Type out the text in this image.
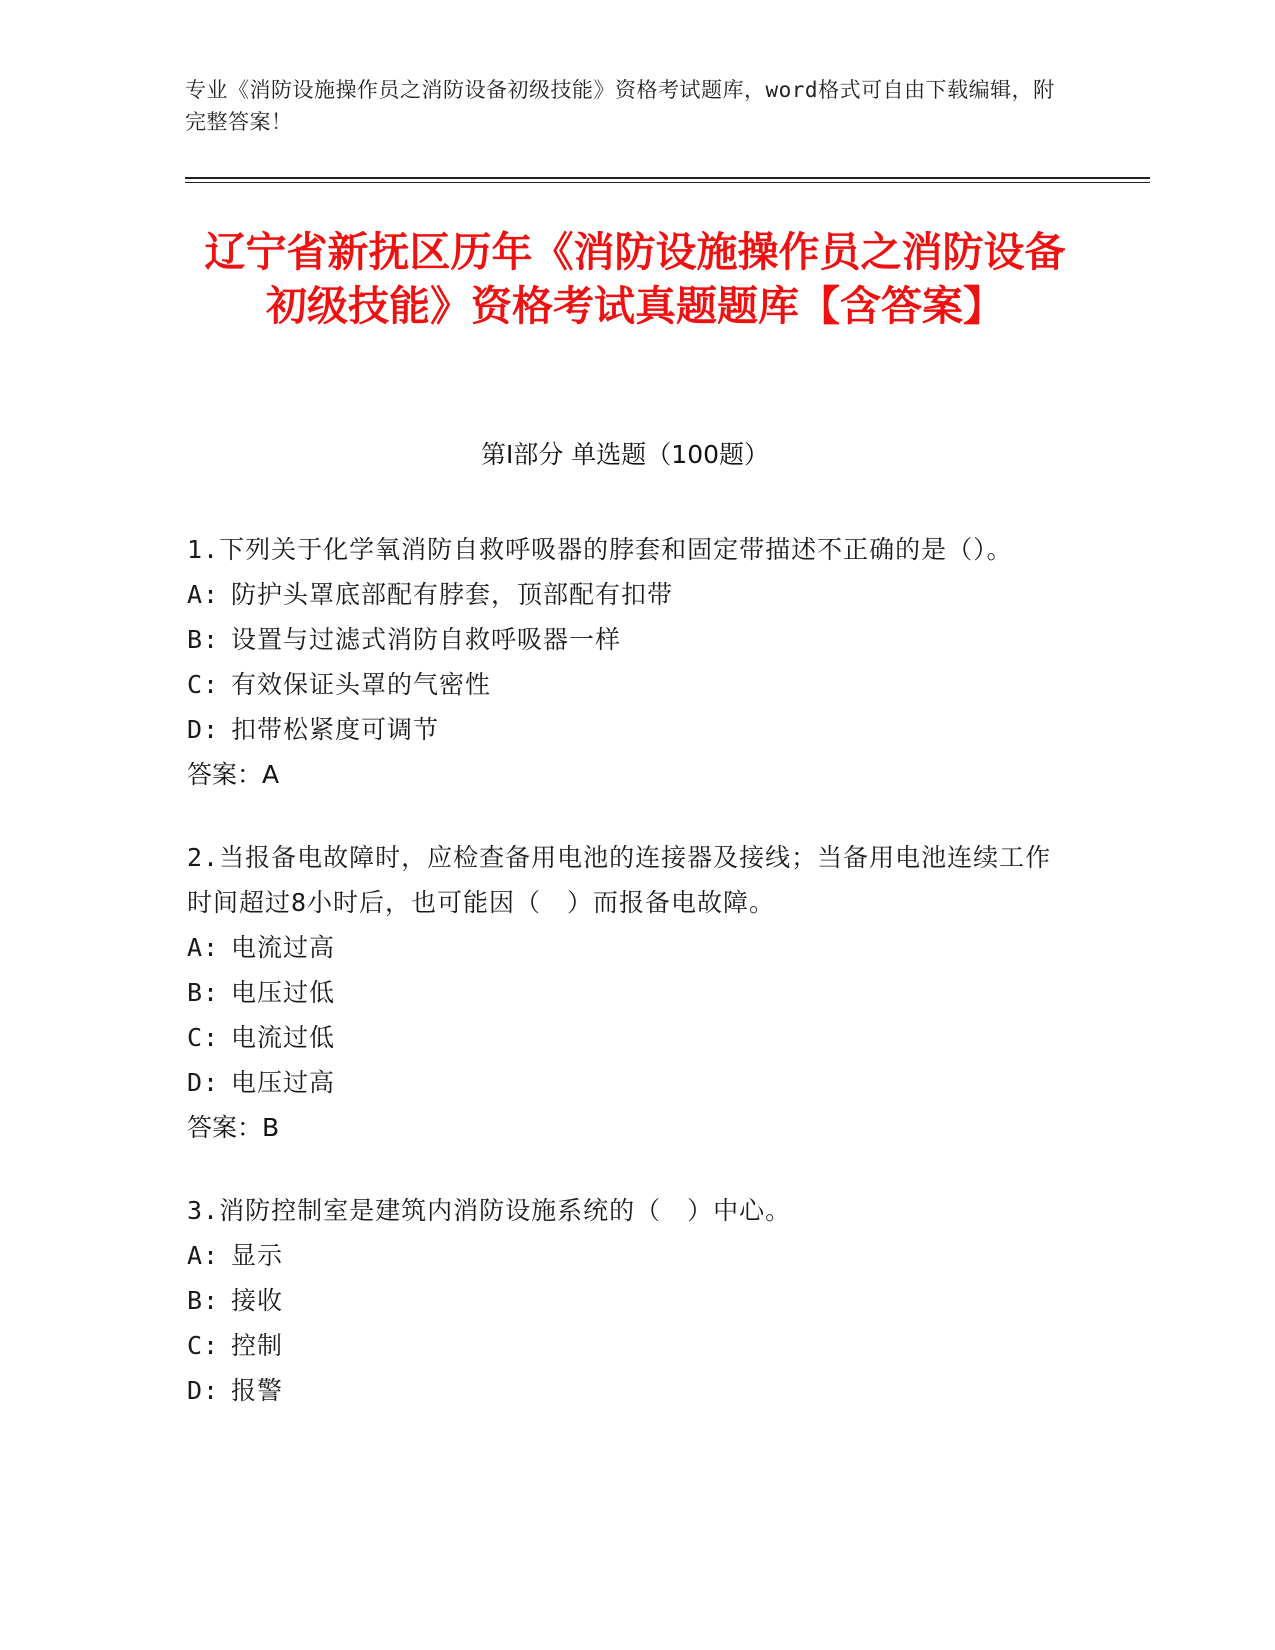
专业《消防设施操作员之消防设备初级技能》资格考试题库，word格式可自由下载编辑，附完整答案！
辽宁省新抚区历年《消防设施操作员之消防设备初级技能》资格考试真题题库【含答案】
第I部分 单选题（100题）
1.下列关于化学氧消防自救呼吸器的脖套和固定带描述不正确的是（）。
A: 防护头罩底部配有脖套，顶部配有扣带
B: 设置与过滤式消防自救呼吸器一样
C: 有效保证头罩的气密性
D: 扣带松紧度可调节
答案：A
2.当报备电故障时，应检查备用电池的连接器及接线；当备用电池连续工作时间超过8小时后，也可能因（　）而报备电故障。
A: 电流过高
B: 电压过低
C: 电流过低
D: 电压过高
答案：B
3.消防控制室是建筑内消防设施系统的（　）中心。
A: 显示
B: 接收
C: 控制
D: 报警
